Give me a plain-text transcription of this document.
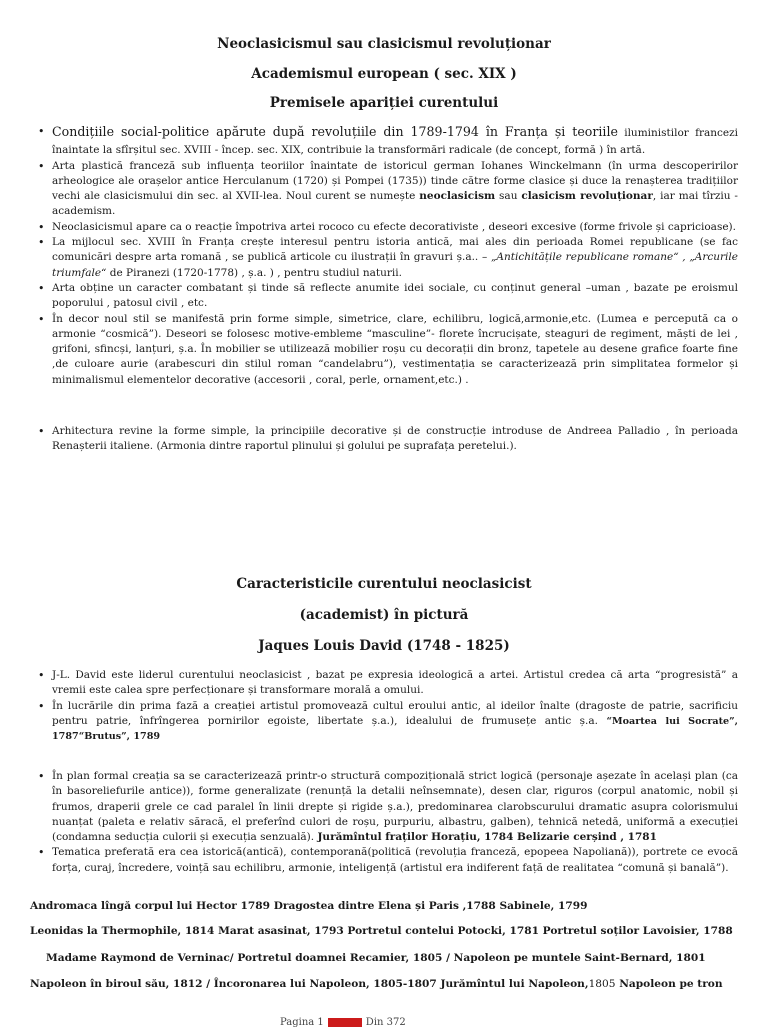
Neoclasicismul sau clasicismul revoluționar
Academismul european ( sec. XIX )
Premisele apariției curentului
• Condițiile social-politice apărute după revoluțiile din 1789-1794 în Franța și teoriile iluministilor francezi înaintate la sfîrșitul sec. XVIII - încep. sec. XIX, contribuie la transformări radicale (de concept, formă ) în artă.
• Arta plastică franceză sub influența teoriilor înaintate de istoricul german Iohanes Winckelmann (în urma descoperirilor arheologice ale orașelor antice Herculanum (1720) și Pompei (1735)) tinde către forme clasice și duce la renașterea tradițiilor vechi ale clasicismului din sec. al XVII-lea. Noul curent se numește neoclasicism sau clasicism revoluționar, iar mai tîrziu - academism.
• Neoclasicismul apare ca o reacție împotriva artei rococo cu efecte decorativiste , deseori excesive (forme frivole și capricioase).
• La mijlocul sec. XVIII în Franța crește interesul pentru istoria antică, mai ales din perioada Romei republicane (se fac comunicări despre arta romană , se publică articole cu ilustrații în gravuri ș.a.. – „Antichitățile republicane romane“ , „Arcurile triumfale“ de Piranezi (1720-1778) , ș.a. ) , pentru studiul naturii.
• Arta obține un caracter combatant și tinde să reflecte anumite idei sociale, cu conținut general –uman , bazate pe eroismul poporului , patosul civil , etc.
• În decor noul stil se manifestă prin forme simple, simetrice, clare, echilibru, logică,armonie,etc. (Lumea e percepută ca o armonie “cosmică”). Deseori se folosesc motive-embleme “masculine”- florete încrucișate, steaguri de regiment, măști de lei , grifoni, sfincși, lanțuri, ș.a. În mobilier se utilizează mobilier roșu cu decorații din bronz, tapetele au desene grafice foarte fine ,de culoare aurie (arabescuri din stilul roman “candelabru”), vestimentația se caracterizează prin simplitatea formelor și minimalismul elementelor decorative (accesorii , coral, perle, ornament,etc.) .
• Arhitectura revine la forme simple, la principiile decorative și de construcție introduse de Andreea Palladio , în perioada Renașterii italiene. (Armonia dintre raportul plinului și golului pe suprafața peretelui.).
Caracteristicile curentului neoclasicist
(academist) în pictură
Jaques Louis David (1748 - 1825)
• J-L. David este liderul curentului neoclasicist , bazat pe expresia ideologică a artei. Artistul credea că arta “progresistă” a vremii este calea spre perfecționare și transformare morală a omului.
• În lucrările din prima fază a creației artistul promovează cultul eroului antic, al ideilor înalte (dragoste de patrie, sacrificiu pentru patrie, înfrîngerea pornirilor egoiste, libertate ș.a.), idealului de frumusețe antic ș.a. “Moartea lui Socrate”, 1787“Brutus”, 1789
• În plan formal creația sa se caracterizează printr-o structură compozițională strict logică (personaje așezate în același plan (ca în basoreliefurile antice)), forme generalizate (renunță la detalii neînsemnate), desen clar, riguros (corpul anatomic, nobil și frumos, draperii grele ce cad paralel în linii drepte și rigide ș.a.), predominarea clarobscurului dramatic asupra colorismului nuanțat (paleta e relativ săracă, el preferînd culori de roșu, purpuriu, albastru, galben), tehnică netedă, uniformă a execuției (condamna seducția culorii și execuția senzuală). Jurămîntul fraților Horațiu, 1784 Belizarie cerșind , 1781
• Tematica preferată era cea istorică(antică), contemporană(politică (revoluția franceză, epopeea Napoliană)), portrete ce evocă forța, curaj, încredere, voință sau echilibru, armonie, inteligență (artistul era indiferent față de realitatea “comună și banală”).
Andromaca lîngă corpul lui Hector 1789 Dragostea dintre Elena și Paris ,1788 Sabinele, 1799
Leonidas la Thermophile, 1814 Marat asasinat, 1793 Portretul contelui Potocki, 1781 Portretul soților Lavoisier, 1788
Madame Raymond de Verninac/ Portretul doamnei Recamier, 1805 / Napoleon pe muntele Saint-Bernard, 1801
Napoleon în biroul său, 1812 / Încoronarea lui Napoleon, 1805-1807 Jurămîntul lui Napoleon,1805 Napoleon pe tron
Pagina 1	Din 372
